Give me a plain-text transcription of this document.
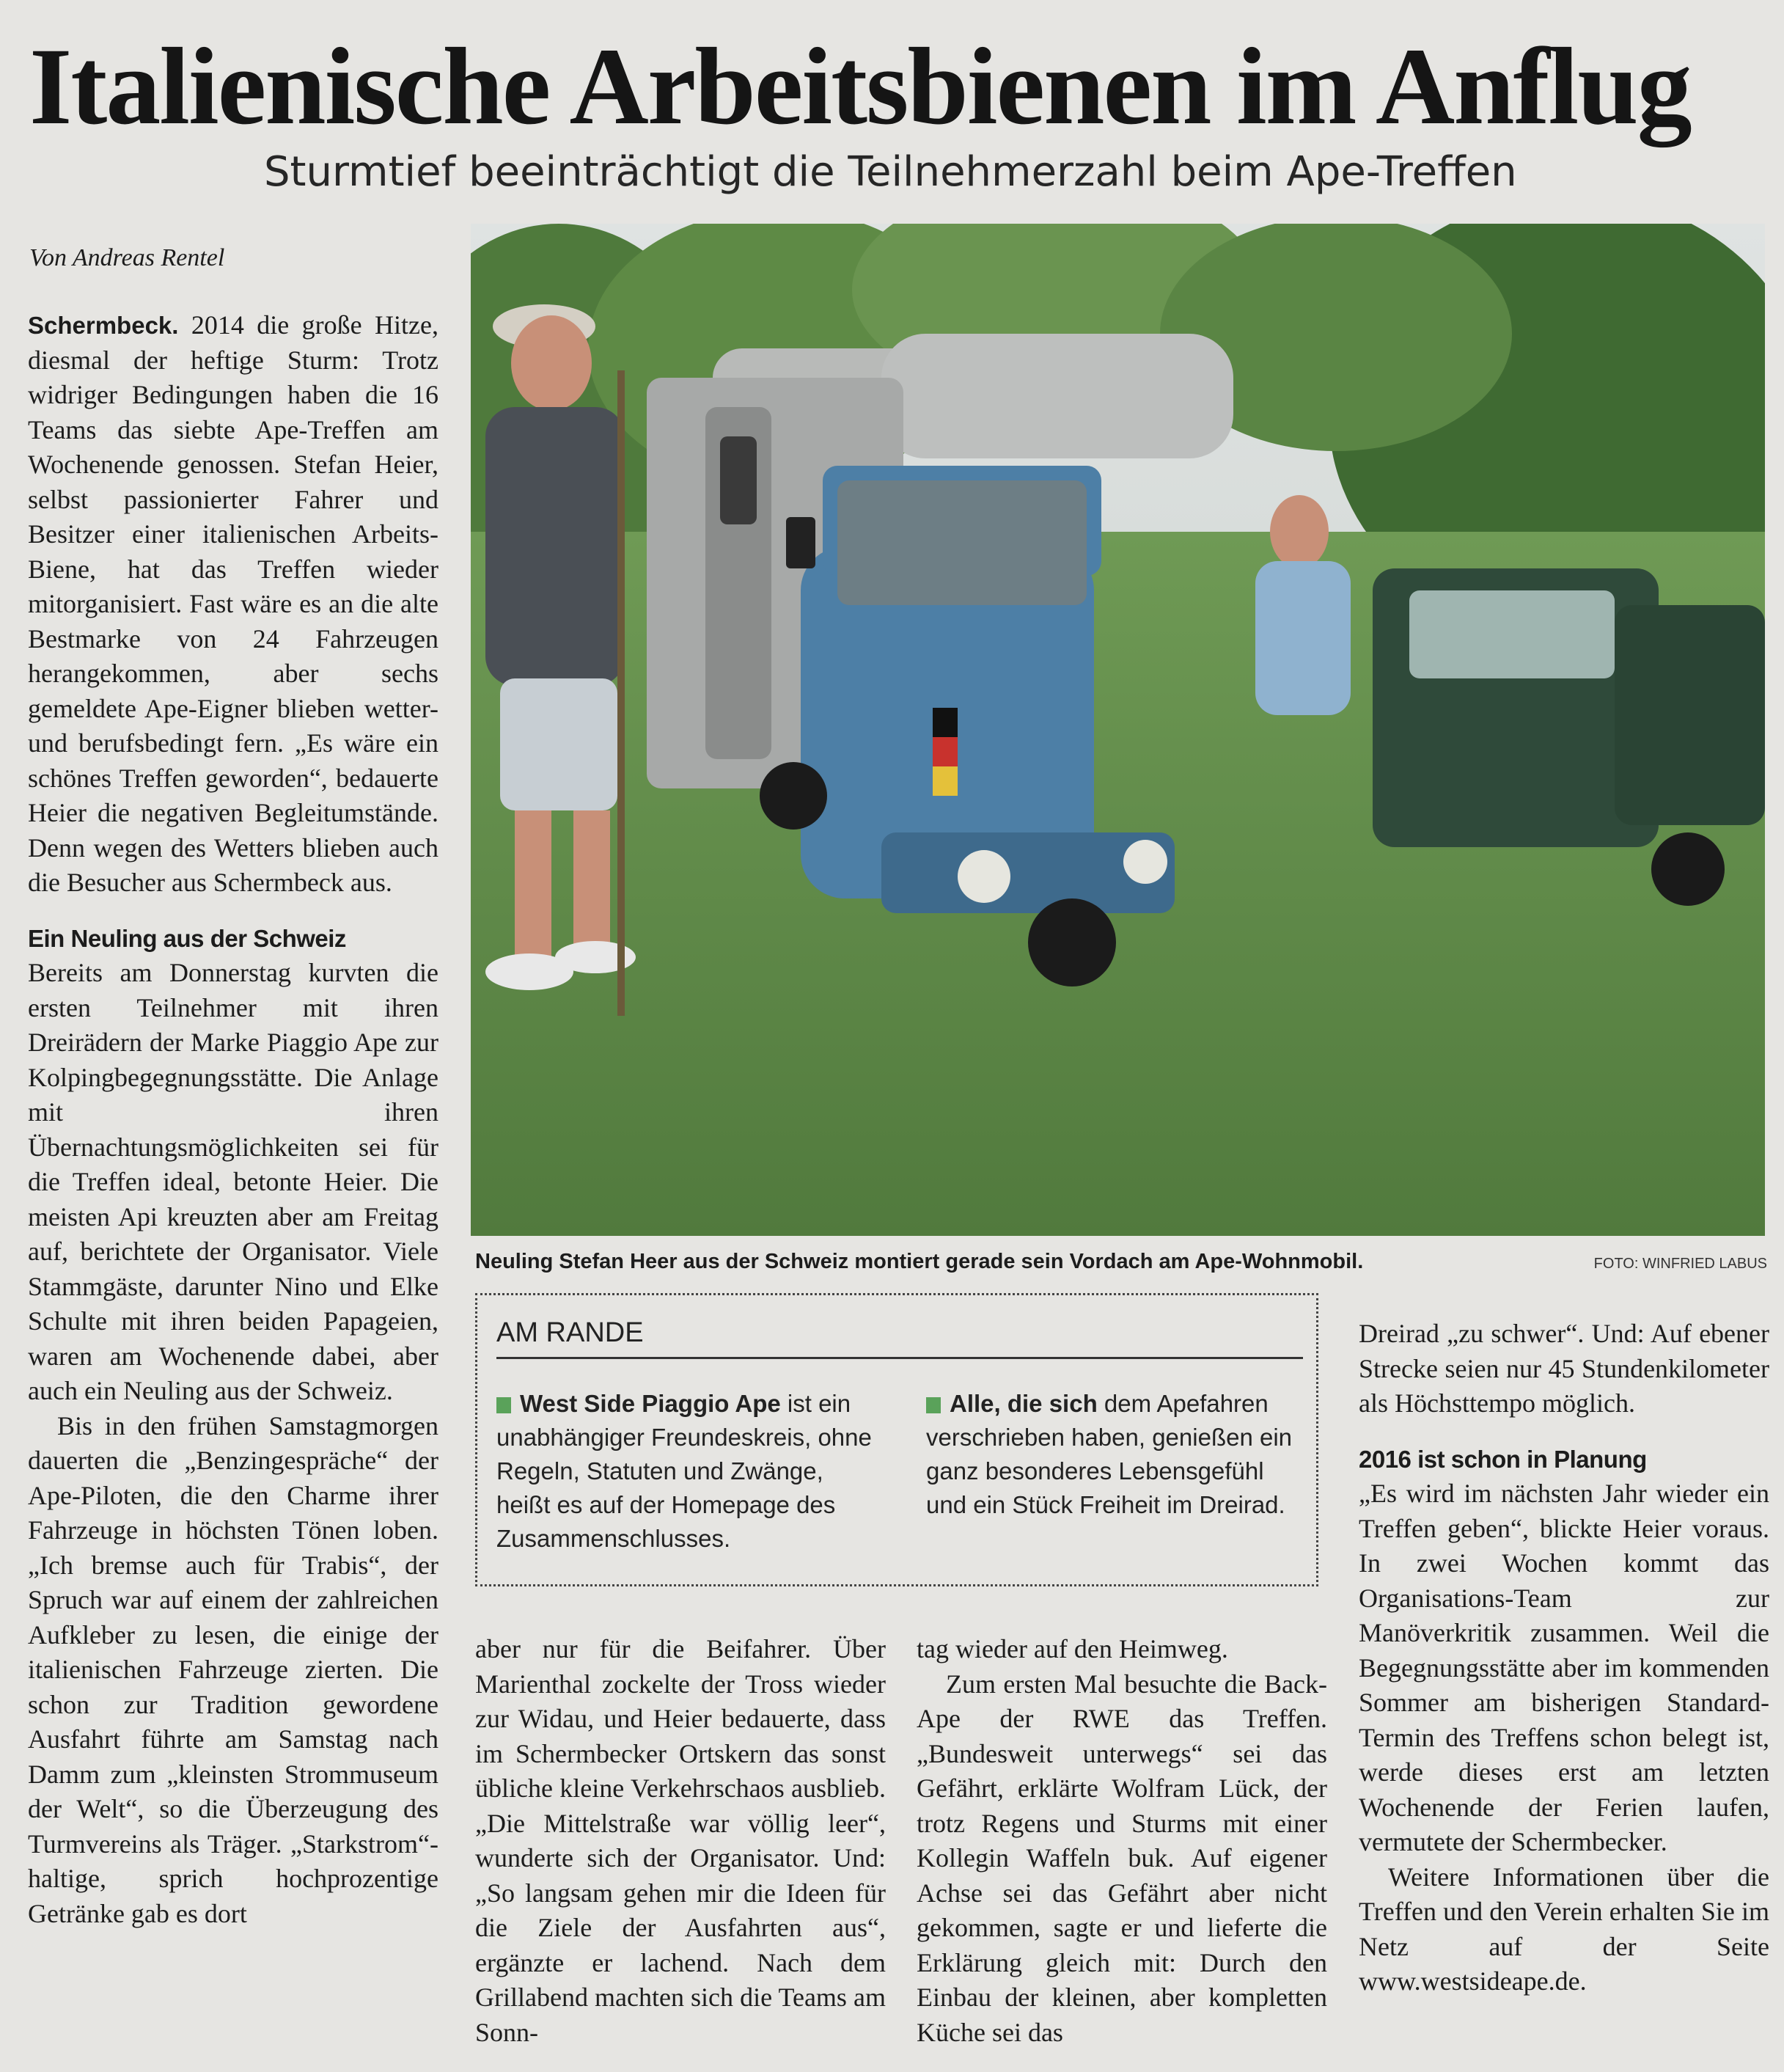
Italienische Arbeitsbienen im Anflug
Sturmtief beeinträchtigt die Teilnehmerzahl beim Ape-Treffen
Von Andreas Rentel

Schermbeck. 2014 die große Hitze, diesmal der heftige Sturm: Trotz widriger Bedingungen haben die 16 Teams das siebte Ape-Treffen am Wochenende genossen. Stefan Heier, selbst passionierter Fahrer und Besitzer einer italienischen Arbeits-Biene, hat das Treffen wieder mitorganisiert. Fast wäre es an die alte Bestmarke von 24 Fahrzeugen herangekommen, aber sechs gemeldete Ape-Eigner blieben wetter- und berufsbedingt fern. „Es wäre ein schönes Treffen geworden“, bedauerte Heier die negativen Begleitumstände. Denn wegen des Wetters blieben auch die Besucher aus Schermbeck aus.

Ein Neuling aus der Schweiz

Bereits am Donnerstag kurvten die ersten Teilnehmer mit ihren Dreirädern der Marke Piaggio Ape zur Kolpingbegegnungsstätte. Die Anlage mit ihren Übernachtungsmöglichkeiten sei für die Treffen ideal, betonte Heier. Die meisten Api kreuzten aber am Freitag auf, berichtete der Organisator. Viele Stammgäste, darunter Nino und Elke Schulte mit ihren beiden Papageien, waren am Wochenende dabei, aber auch ein Neuling aus der Schweiz.

Bis in den frühen Samstagmorgen dauerten die „Benzingespräche“ der Ape-Piloten, die den Charme ihrer Fahrzeuge in höchsten Tönen loben. „Ich bremse auch für Trabis“, der Spruch war auf einem der zahlreichen Aufkleber zu lesen, die einige der italienischen Fahrzeuge zierten. Die schon zur Tradition gewordene Ausfahrt führte am Samstag nach Damm zum „kleinsten Strommuseum der Welt“, so die Überzeugung des Turmvereins als Träger. „Starkstrom“-haltige, sprich hochprozentige Getränke gab es dort

Neuling Stefan Heer aus der Schweiz montiert gerade sein Vordach am Ape-Wohnmobil.	FOTO: WINFRIED LABUS
AM RANDE
West Side Piaggio Ape ist ein unabhängiger Freundeskreis, ohne Regeln, Statuten und Zwänge, heißt es auf der Homepage des Zusammenschlusses.
Alle, die sich dem Apefahren verschrieben haben, genießen ein ganz besonderes Lebensgefühl und ein Stück Freiheit im Dreirad.

aber nur für die Beifahrer. Über Marienthal zockelte der Tross wieder zur Widau, und Heier bedauerte, dass im Schermbecker Ortskern das sonst übliche kleine Verkehrschaos ausblieb. „Die Mittelstraße war völlig leer“, wunderte sich der Organisator. Und: „So langsam gehen mir die Ideen für die Ziele der Ausfahrten aus“, ergänzte er lachend. Nach dem Grillabend machten sich die Teams am Sonn-

tag wieder auf den Heimweg.

Zum ersten Mal besuchte die Back-Ape der RWE das Treffen. „Bundesweit unterwegs“ sei das Gefährt, erklärte Wolfram Lück, der trotz Regens und Sturms mit einer Kollegin Waffeln buk. Auf eigener Achse sei das Gefährt aber nicht gekommen, sagte er und lieferte die Erklärung gleich mit: Durch den Einbau der kleinen, aber kompletten Küche sei das

Dreirad „zu schwer“. Und: Auf ebener Strecke seien nur 45 Stundenkilometer als Höchsttempo möglich.

2016 ist schon in Planung

„Es wird im nächsten Jahr wieder ein Treffen geben“, blickte Heier voraus. In zwei Wochen kommt das Organisations-Team zur Manöverkritik zusammen. Weil die Begegnungsstätte aber im kommenden Sommer am bisherigen Standard-Termin des Treffens schon belegt ist, werde dieses erst am letzten Wochenende der Ferien laufen, vermutete der Schermbecker.

Weitere Informationen über die Treffen und den Verein erhalten Sie im Netz auf der Seite www.westsideape.de.
